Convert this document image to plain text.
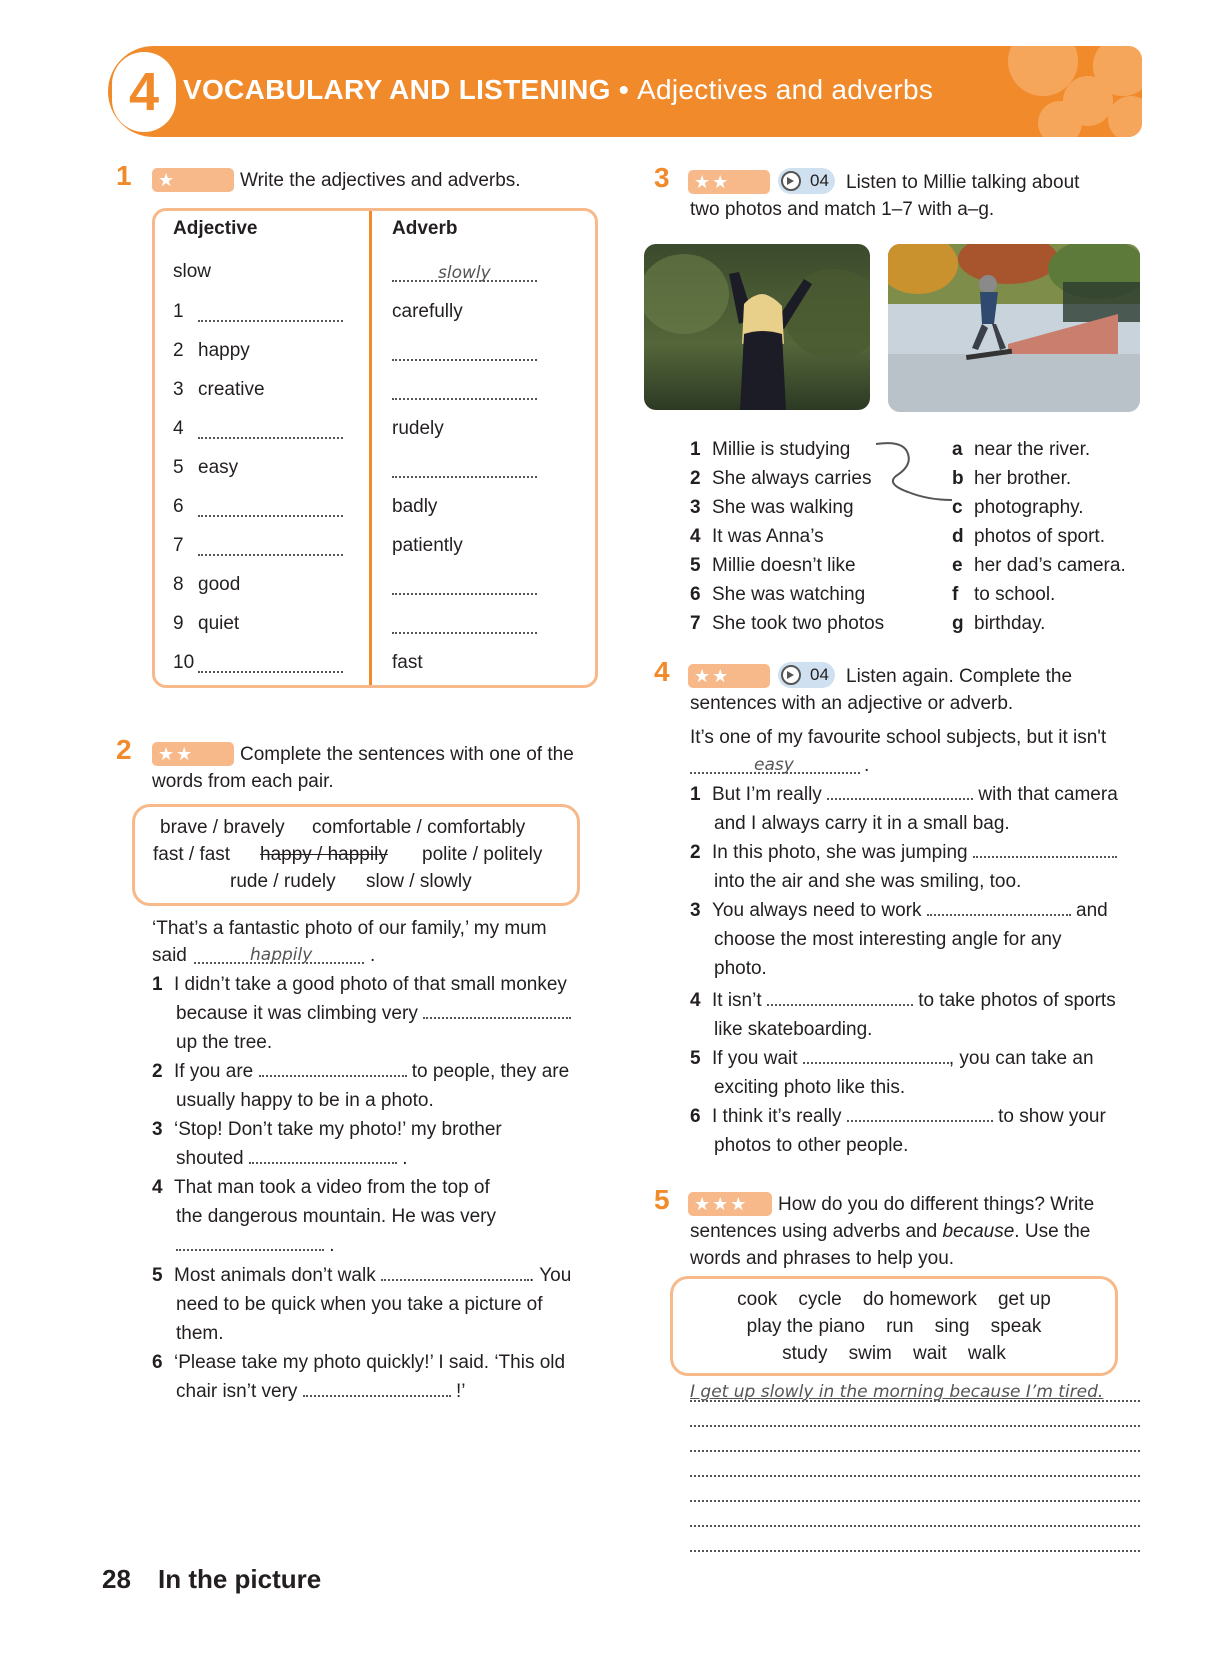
4 VOCABULARY AND LISTENING • Adjectives and adverbs
1	★	Write the adjectives and adverbs.
Adjective	Adverb
slow	slowly
1	carefully
2 happy
3 creative
4	rudely
5 easy
6	badly
7	patiently
8 good
9 quiet
10	fast
2	★★	Complete the sentences with one of the
words from each pair.
brave / bravely comfortable / comfortably
fast / fast happy / happily polite / politely
rude / rudely slow / slowly
‘That’s a fantastic photo of our family,’ my mum
said	happily	.
1 I didn’t take a good photo of that small monkey
because it was climbing very
up the tree.
2 If you are	to people, they are
usually happy to be in a photo.
3 ‘Stop! Don’t take my photo!’ my brother
shouted	.
4 That man took a video from the top of
the dangerous mountain. He was very
.
5 Most animals don’t walk	. You
need to be quick when you take a picture of
them.
6 ‘Please take my photo quickly!’ I said. ‘This old
chair isn’t very	!’
3	★★	04 Listen to Millie talking about
two photos and match 1–7 with a–g.
1 Millie is studying
2 She always carries
3 She was walking
4 It was Anna’s
5 Millie doesn’t like
6 She was watching
7 She took two photos
a near the river.
b her brother.
c photography.
d photos of sport.
e her dad’s camera.
f to school.
g birthday.
4	★★	04 Listen again. Complete the
sentences with an adjective or adverb.
It’s one of my favourite school subjects, but it isn't
easy	.
1 But I’m really	with that camera
and I always carry it in a small bag.
2 In this photo, she was jumping
into the air and she was smiling, too.
3 You always need to work	and
choose the most interesting angle for any
photo.
4 It isn’t	to take photos of sports
like skateboarding.
5 If you wait	, you can take an
exciting photo like this.
6 I think it’s really	to show your
photos to other people.
5	★★★	How do you do different things? Write
sentences using adverbs and because. Use the
words and phrases to help you.
cook    cycle    do homework    get up
play the piano    run    sing    speak
study    swim    wait    walk
I get up slowly in the morning because I’m tired.
28 In the picture
